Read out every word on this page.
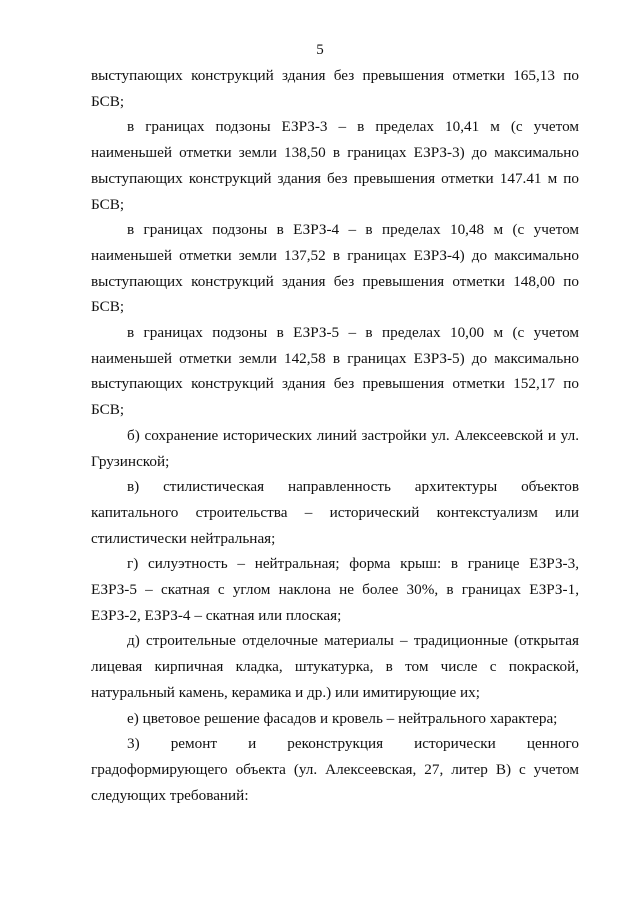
5

выступающих конструкций здания без превышения отметки 165,13 по БСВ;

в границах подзоны ЕЗРЗ-3 – в пределах 10,41 м (с учетом наименьшей отметки земли 138,50 в границах ЕЗРЗ-3) до максимально выступающих конструкций здания без превышения отметки 147.41 м по БСВ;

в границах подзоны в ЕЗРЗ-4 – в пределах 10,48 м (с учетом наименьшей отметки земли 137,52 в границах ЕЗРЗ-4) до максимально выступающих конструкций здания без превышения отметки 148,00 по БСВ;

в границах подзоны в ЕЗРЗ-5 – в пределах 10,00 м (с учетом наименьшей отметки земли 142,58 в границах ЕЗРЗ-5) до максимально выступающих конструкций здания без превышения отметки 152,17 по БСВ;

б) сохранение исторических линий застройки ул. Алексеевской и ул. Грузинской;

в) стилистическая направленность архитектуры объектов капитального строительства – исторический контекстуализм или стилистически нейтральная;

г) силуэтность – нейтральная; форма крыш: в границе ЕЗРЗ-3, ЕЗРЗ-5 – скатная с углом наклона не более 30%, в границах ЕЗРЗ-1, ЕЗРЗ-2, ЕЗРЗ-4 – скатная или плоская;

д) строительные отделочные материалы – традиционные (открытая лицевая кирпичная кладка, штукатурка, в том числе с покраской, натуральный камень, керамика и др.) или имитирующие их;

е) цветовое решение фасадов и кровель – нейтрального характера;

3) ремонт и реконструкция исторически ценного градоформирующего объекта (ул. Алексеевская, 27, литер В) с учетом следующих требований:
